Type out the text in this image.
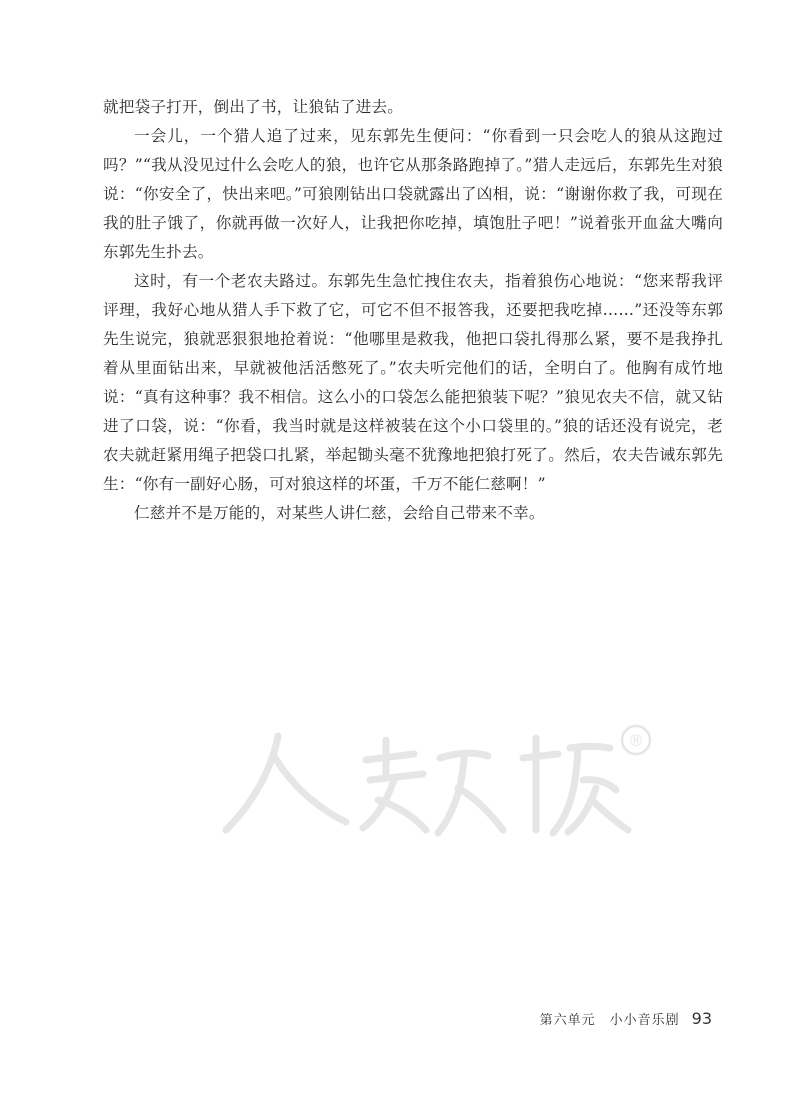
就把袋子打开，倒出了书，让狼钻了进去。

一会儿，一个猎人追了过来，见东郭先生便问：“你看到一只会吃人的狼从这跑过吗？”“我从没见过什么会吃人的狼，也许它从那条路跑掉了。”猎人走远后，东郭先生对狼说：“你安全了，快出来吧。”可狼刚钻出口袋就露出了凶相，说：“谢谢你救了我，可现在我的肚子饿了，你就再做一次好人，让我把你吃掉，填饱肚子吧！”说着张开血盆大嘴向东郭先生扑去。

这时，有一个老农夫路过。东郭先生急忙拽住农夫，指着狼伤心地说：“您来帮我评评理，我好心地从猎人手下救了它，可它不但不报答我，还要把我吃掉……”还没等东郭先生说完，狼就恶狠狠地抢着说：“他哪里是救我，他把口袋扎得那么紧，要不是我挣扎着从里面钻出来，早就被他活活憋死了。”农夫听完他们的话，全明白了。他胸有成竹地说：“真有这种事？我不相信。这么小的口袋怎么能把狼装下呢？”狼见农夫不信，就又钻进了口袋，说：“你看，我当时就是这样被装在这个小口袋里的。”狼的话还没有说完，老农夫就赶紧用绳子把袋口扎紧，举起锄头毫不犹豫地把狼打死了。然后，农夫告诫东郭先生：“你有一副好心肠，可对狼这样的坏蛋，千万不能仁慈啊！”

仁慈并不是万能的，对某些人讲仁慈，会给自己带来不幸。

®
第六单元　小小音乐剧 93
